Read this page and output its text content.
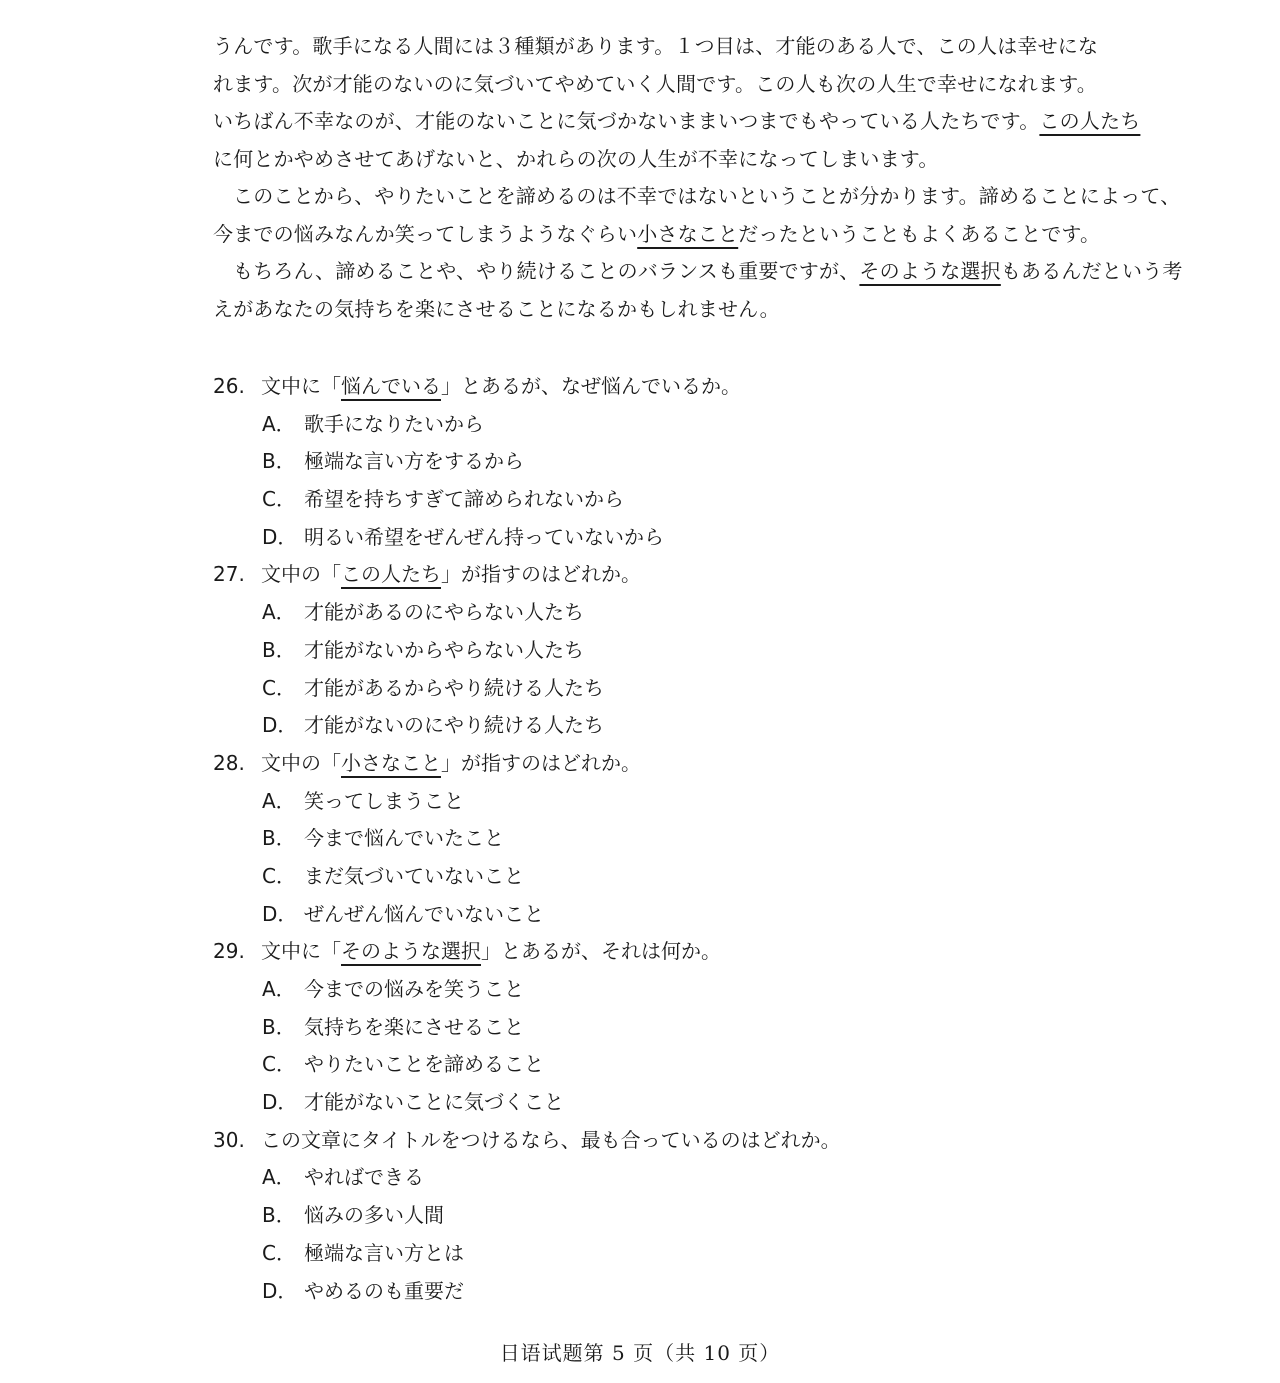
うんです。歌手になる人間には３種類があります。１つ目は、才能のある人で、この人は幸せにな
れます。次が才能のないのに気づいてやめていく人間です。この人も次の人生で幸せになれます。
いちばん不幸なのが、才能のないことに気づかないままいつまでもやっている人たちです。この人たち
に何とかやめさせてあげないと、かれらの次の人生が不幸になってしまいます。
このことから、やりたいことを諦めるのは不幸ではないということが分かります。諦めることによって、
今までの悩みなんか笑ってしまうようなぐらい小さなことだったということもよくあることです。
もちろん、諦めることや、やり続けることのバランスも重要ですが、そのような選択もあるんだという考
えがあなたの気持ちを楽にさせることになるかもしれません。
26. 文中に「悩んでいる」とあるが、なぜ悩んでいるか。
A． 歌手になりたいから
B． 極端な言い方をするから
C． 希望を持ちすぎて諦められないから
D． 明るい希望をぜんぜん持っていないから
27. 文中の「この人たち」が指すのはどれか。
A． 才能があるのにやらない人たち
B． 才能がないからやらない人たち
C． 才能があるからやり続ける人たち
D． 才能がないのにやり続ける人たち
28. 文中の「小さなこと」が指すのはどれか。
A． 笑ってしまうこと
B． 今まで悩んでいたこと
C． まだ気づいていないこと
D． ぜんぜん悩んでいないこと
29. 文中に「そのような選択」とあるが、それは何か。
A． 今までの悩みを笑うこと
B． 気持ちを楽にさせること
C． やりたいことを諦めること
D． 才能がないことに気づくこと
30. この文章にタイトルをつけるなら、最も合っているのはどれか。
A． やればできる
B． 悩みの多い人間
C． 極端な言い方とは
D． やめるのも重要だ
日语试题第 5 页（共 10 页）
